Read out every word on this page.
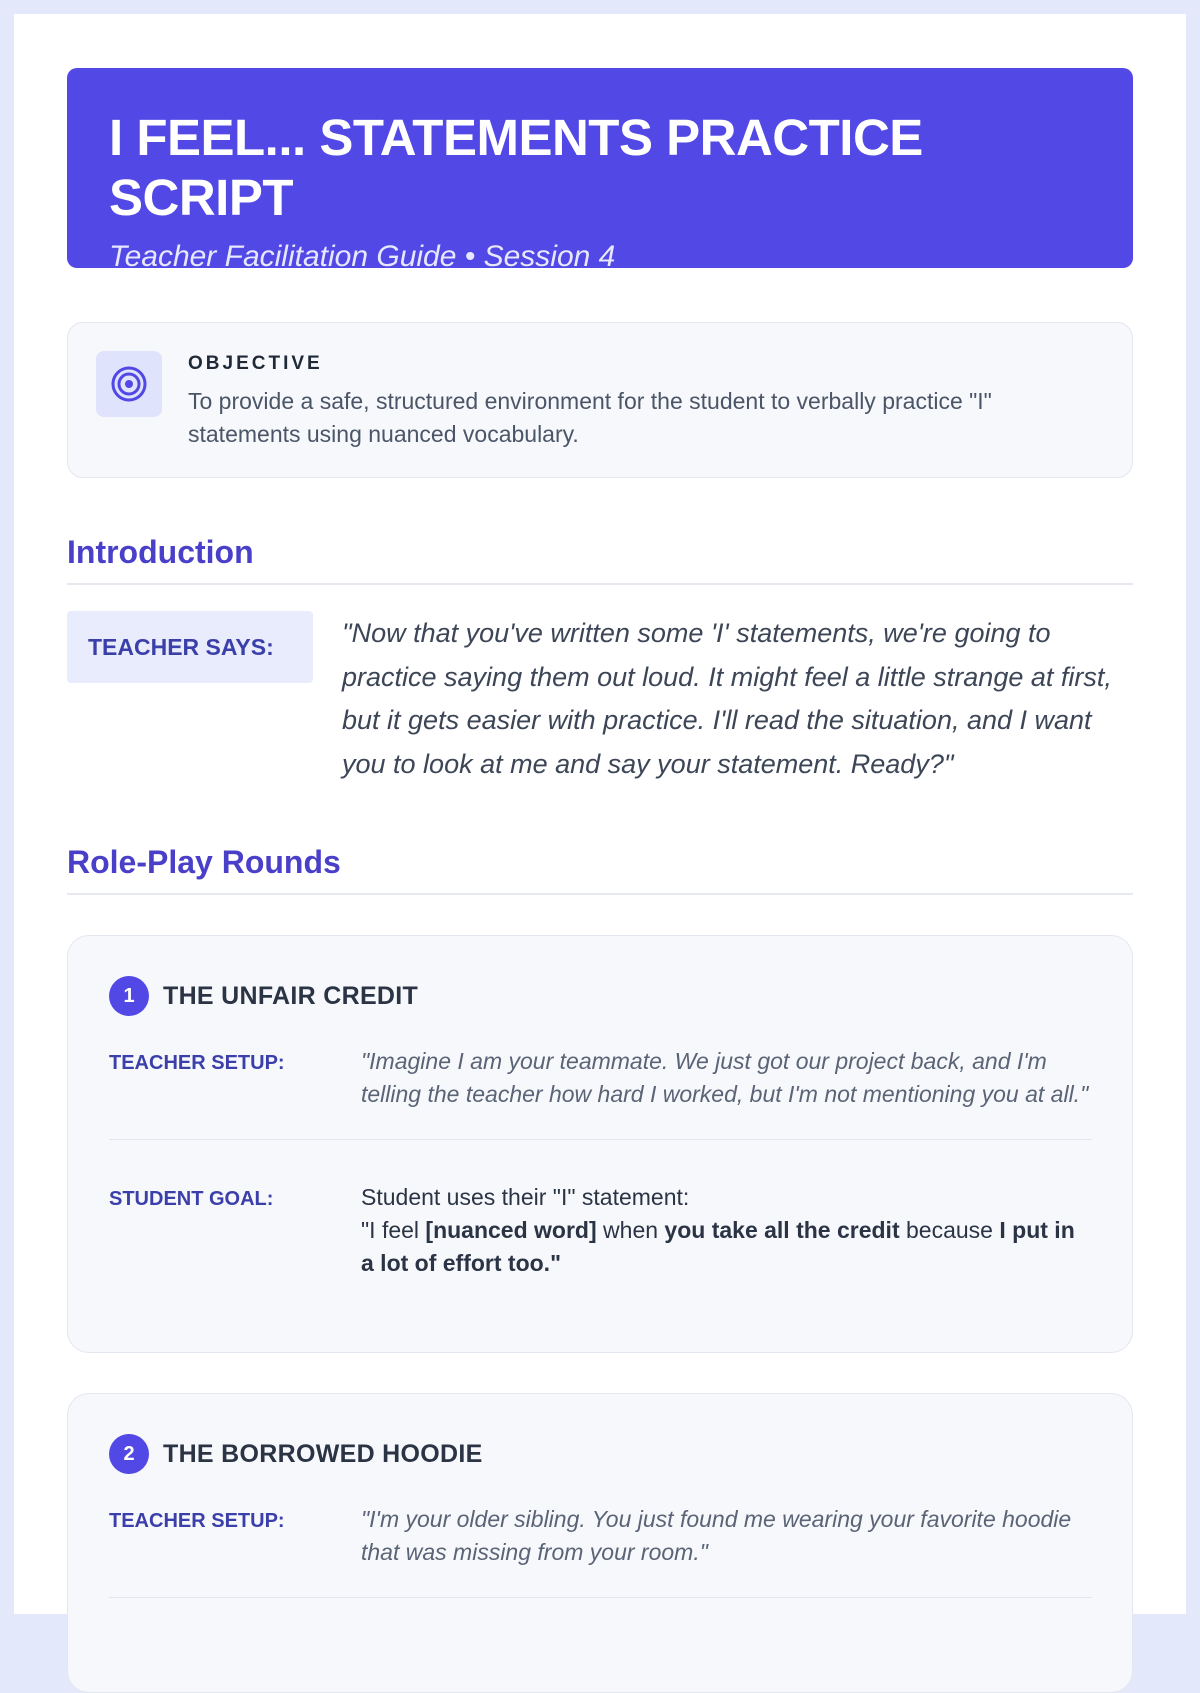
I FEEL... STATEMENTS PRACTICE SCRIPT
Teacher Facilitation Guide • Session 4
OBJECTIVE
To provide a safe, structured environment for the student to verbally practice "I" statements using nuanced vocabulary.
Introduction
TEACHER SAYS:	"Now that you've written some 'I' statements, we're going to practice saying them out loud. It might feel a little strange at first, but it gets easier with practice. I'll read the situation, and I want you to look at me and say your statement. Ready?"
Role-Play Rounds
1	THE UNFAIR CREDIT
TEACHER SETUP:	"Imagine I am your teammate. We just got our project back, and I'm telling the teacher how hard I worked, but I'm not mentioning you at all."
STUDENT GOAL:	Student uses their "I" statement:
"I feel [nuanced word] when you take all the credit because I put in a lot of effort too."
2	THE BORROWED HOODIE
TEACHER SETUP:	"I'm your older sibling. You just found me wearing your favorite hoodie that was missing from your room."
